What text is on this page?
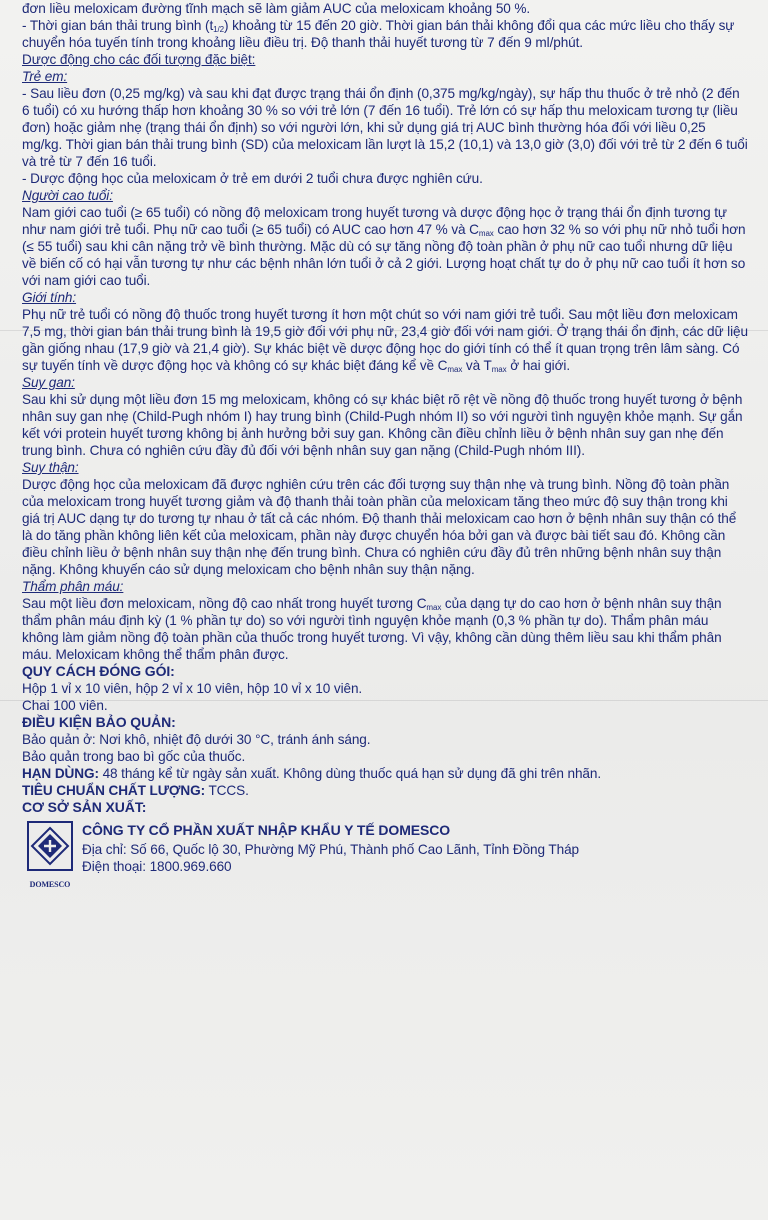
đơn liều meloxicam đường tĩnh mạch sẽ làm giảm AUC của meloxicam khoảng 50 %.

- Thời gian bán thải trung bình $(t_{1/2})$ khoảng từ 15 đến 20 giờ. Thời gian bán thải không đổi qua các mức liều cho thấy sự chuyển hóa tuyến tính trong khoảng liều điều trị. Độ thanh thải huyết tương từ 7 đến 9 ml/phút.

Dược động cho các đối tượng đặc biệt:

Trẻ em:

- Sau liều đơn (0,25 mg/kg) và sau khi đạt được trạng thái ổn định (0,375 mg/kg/ngày), sự hấp thu thuốc ở trẻ nhỏ (2 đến 6 tuổi) có xu hướng thấp hơn khoảng 30 % so với trẻ lớn (7 đến 16 tuổi). Trẻ lớn có sự hấp thu meloxicam tương tự (liều đơn) hoặc giảm nhẹ (trạng thái ổn định) so với người lớn, khi sử dụng giá trị AUC bình thường hóa đối với liều 0,25 mg/kg. Thời gian bán thải trung bình (SD) của meloxicam lần lượt là 15,2 (10,1) và 13,0 giờ (3,0) đối với trẻ từ 2 đến 6 tuổi và trẻ từ 7 đến 16 tuổi.

- Dược động học của meloxicam ở trẻ em dưới 2 tuổi chưa được nghiên cứu.

Người cao tuổi:

Nam giới cao tuổi (≥ 65 tuổi) có nồng độ meloxicam trong huyết tương và dược động học ở trạng thái ổn định tương tự như nam giới trẻ tuổi. Phụ nữ cao tuổi (≥ 65 tuổi) có AUC cao hơn 47 % và $C_{max}$ cao hơn 32 % so với phụ nữ nhỏ tuổi hơn (≤ 55 tuổi) sau khi cân nặng trở về bình thường. Mặc dù có sự tăng nồng độ toàn phần ở phụ nữ cao tuổi nhưng dữ liệu về biến cố có hại vẫn tương tự như các bệnh nhân lớn tuổi ở cả 2 giới. Lượng hoạt chất tự do ở phụ nữ cao tuổi ít hơn so với nam giới cao tuổi.

Giới tính:

Phụ nữ trẻ tuổi có nồng độ thuốc trong huyết tương ít hơn một chút so với nam giới trẻ tuổi. Sau một liều đơn meloxicam 7,5 mg, thời gian bán thải trung bình là 19,5 giờ đối với phụ nữ, 23,4 giờ đối với nam giới. Ở trạng thái ổn định, các dữ liệu gần giống nhau (17,9 giờ và 21,4 giờ). Sự khác biệt về dược động học do giới tính có thể ít quan trọng trên lâm sàng. Có sự tuyến tính về dược động học và không có sự khác biệt đáng kể về $C_{max}$ và $T_{max}$ ở hai giới.

Suy gan:

Sau khi sử dụng một liều đơn 15 mg meloxicam, không có sự khác biệt rõ rệt về nồng độ thuốc trong huyết tương ở bệnh nhân suy gan nhẹ (Child-Pugh nhóm I) hay trung bình (Child-Pugh nhóm II) so với người tình nguyện khỏe mạnh. Sự gắn kết với protein huyết tương không bị ảnh hưởng bởi suy gan. Không cần điều chỉnh liều ở bệnh nhân suy gan nhẹ đến trung bình. Chưa có nghiên cứu đầy đủ đối với bệnh nhân suy gan nặng (Child-Pugh nhóm III).

Suy thận:

Dược động học của meloxicam đã được nghiên cứu trên các đối tượng suy thận nhẹ và trung bình. Nồng độ toàn phần của meloxicam trong huyết tương giảm và độ thanh thải toàn phần của meloxicam tăng theo mức độ suy thận trong khi giá trị AUC dạng tự do tương tự nhau ở tất cả các nhóm. Độ thanh thải meloxicam cao hơn ở bệnh nhân suy thận có thể là do tăng phần không liên kết của meloxicam, phần này được chuyển hóa bởi gan và được bài tiết sau đó. Không cần điều chỉnh liều ở bệnh nhân suy thận nhẹ đến trung bình. Chưa có nghiên cứu đầy đủ trên những bệnh nhân suy thận nặng. Không khuyến cáo sử dụng meloxicam cho bệnh nhân suy thận nặng.

Thẩm phân máu:

Sau một liều đơn meloxicam, nồng độ cao nhất trong huyết tương $C_{max}$ của dạng tự do cao hơn ở bệnh nhân suy thận thẩm phân máu định kỳ (1 % phần tự do) so với người tình nguyện khỏe mạnh (0,3 % phần tự do). Thẩm phân máu không làm giảm nồng độ toàn phần của thuốc trong huyết tương. Vì vậy, không cần dùng thêm liều sau khi thẩm phân máu. Meloxicam không thể thẩm phân được.

QUY CÁCH ĐÓNG GÓI:

Hộp 1 vỉ x 10 viên, hộp 2 vỉ x 10 viên, hộp 10 vỉ x 10 viên.

Chai 100 viên.

ĐIỀU KIỆN BẢO QUẢN:

Bảo quản ở: Nơi khô, nhiệt độ dưới 30 °C, tránh ánh sáng.

Bảo quản trong bao bì gốc của thuốc.

HẠN DÙNG: 48 tháng kể từ ngày sản xuất. Không dùng thuốc quá hạn sử dụng đã ghi trên nhãn.

TIÊU CHUẨN CHẤT LƯỢNG: TCCS.

CƠ SỞ SẢN XUẤT:

DOMESCO

CÔNG TY CỔ PHẦN XUẤT NHẬP KHẨU Y TẾ DOMESCO

Địa chỉ: Số 66, Quốc lộ 30, Phường Mỹ Phú, Thành phố Cao Lãnh, Tỉnh Đồng Tháp

Điện thoại: 1800.969.660
